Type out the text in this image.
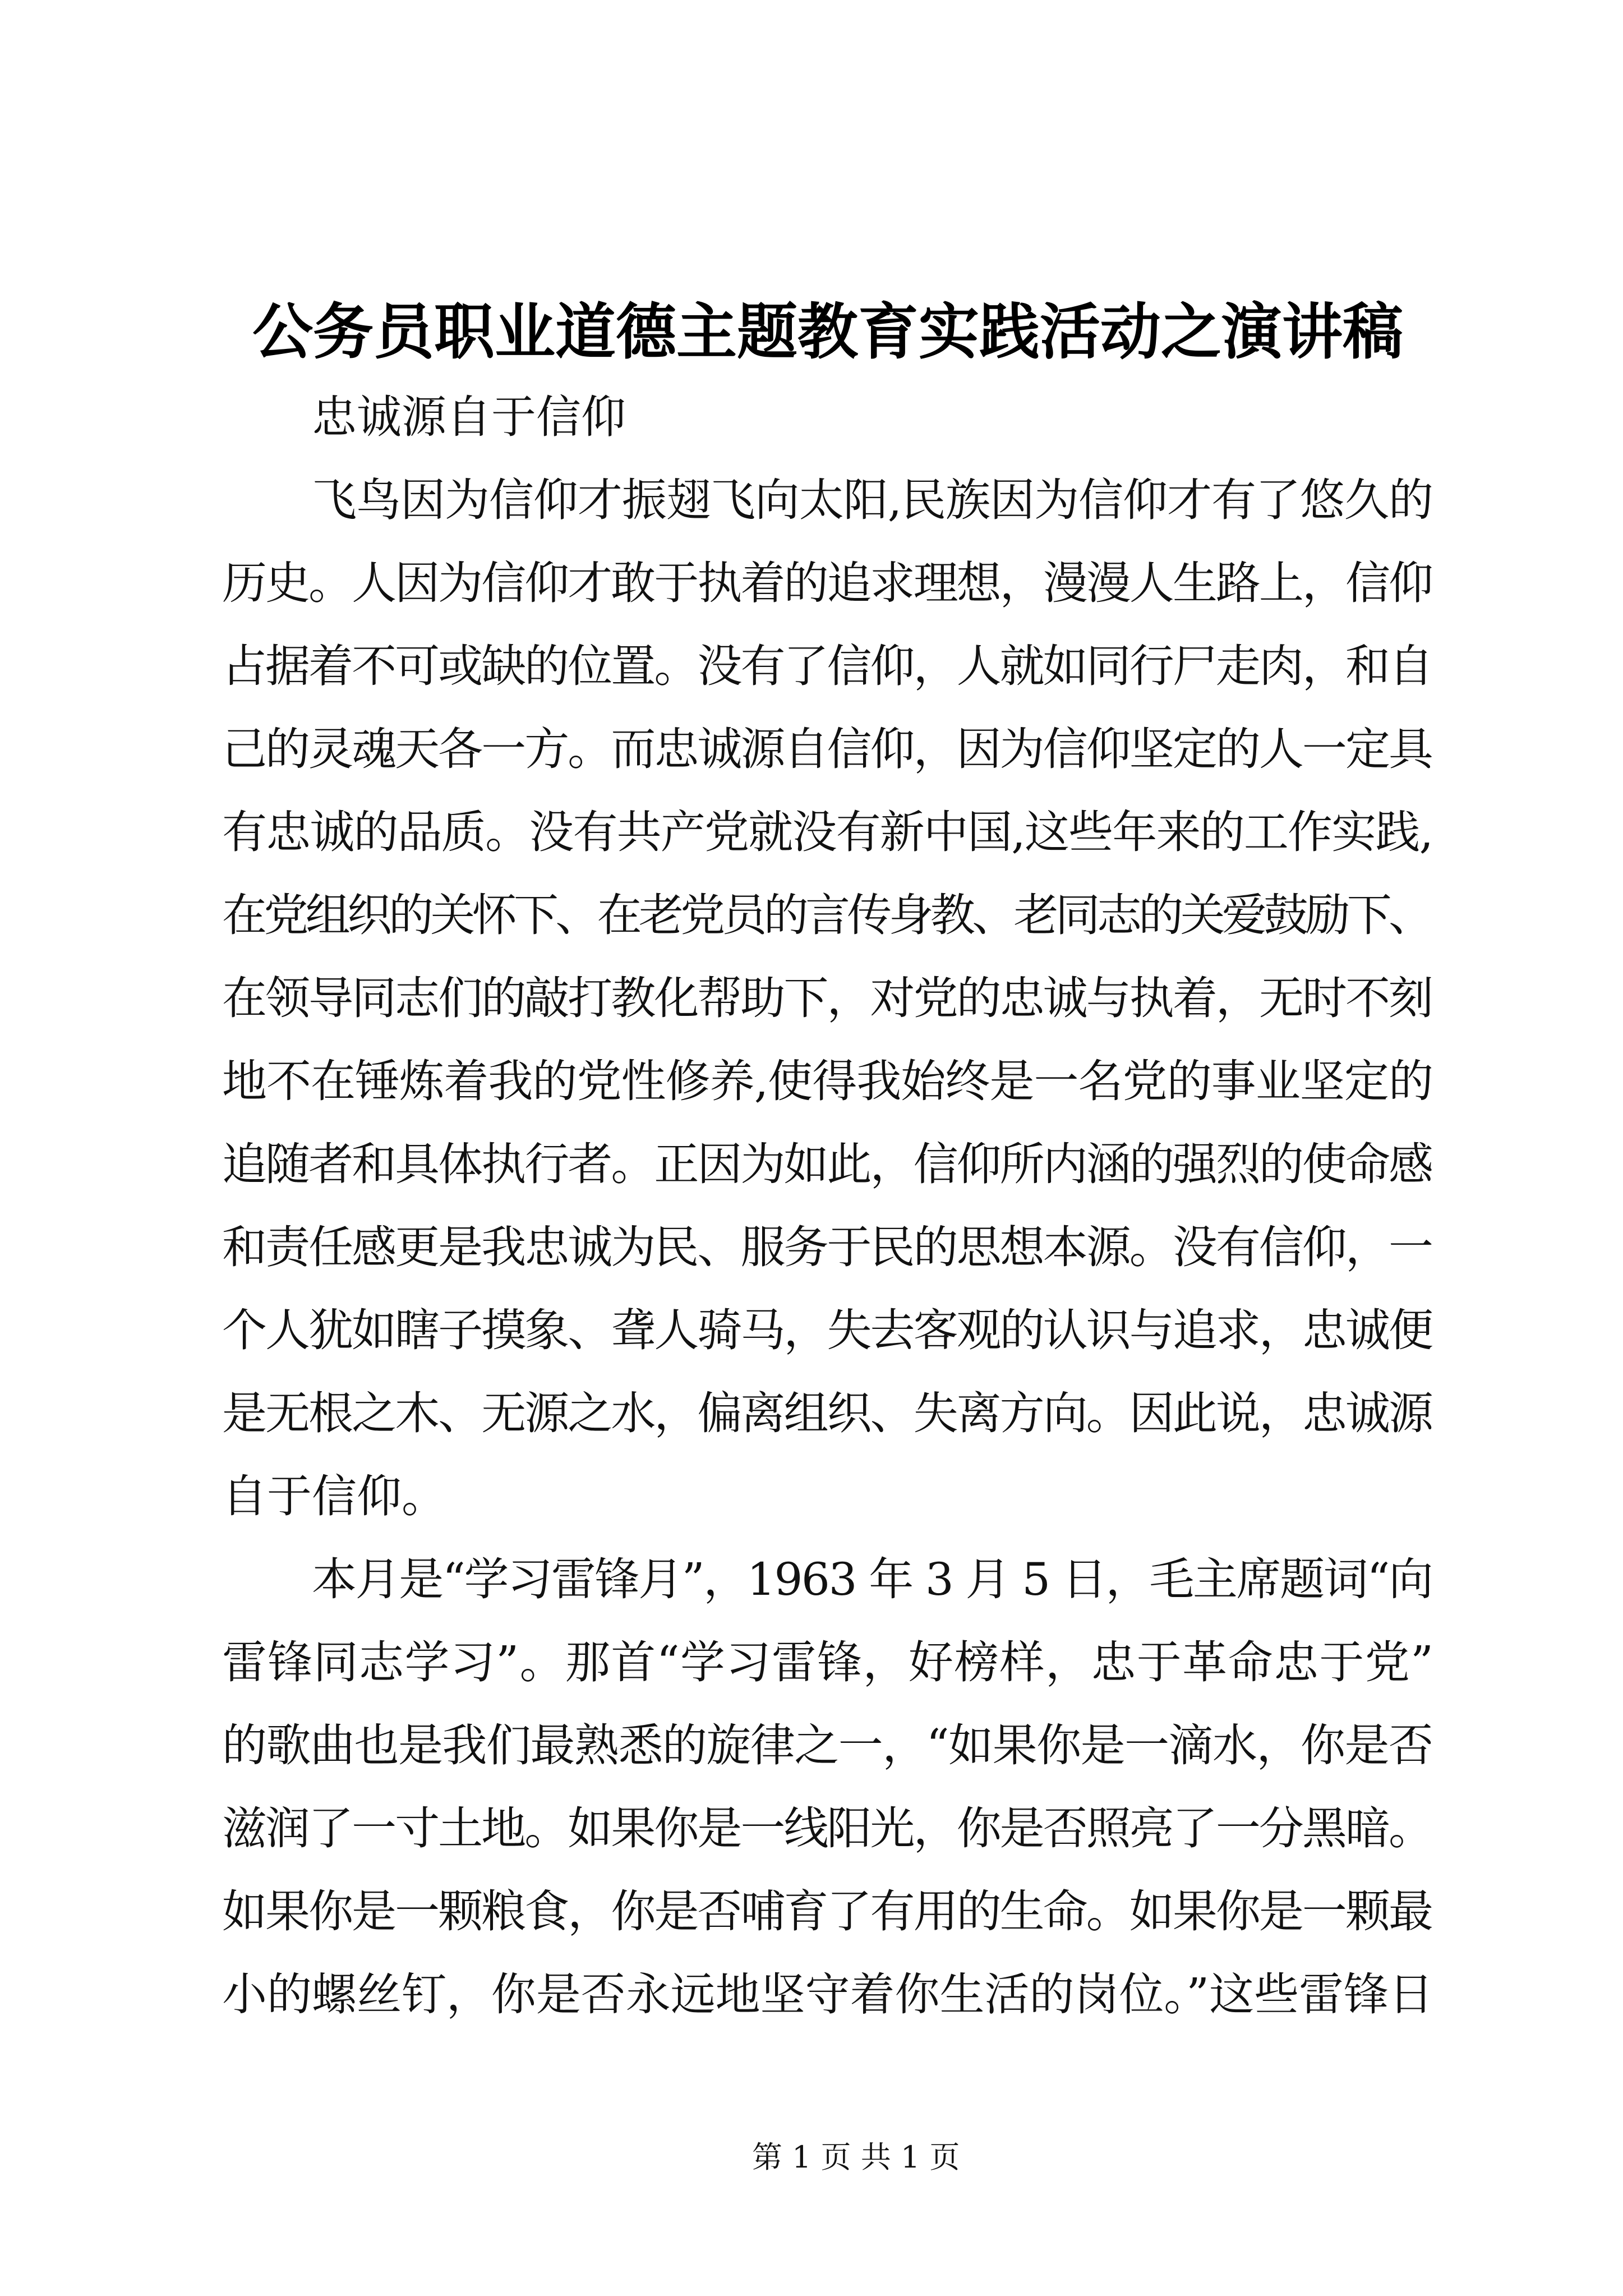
公务员职业道德主题教育实践活动之演讲稿
忠诚源自于信仰
飞鸟因为信仰才振翅飞向太阳,民族因为信仰才有了悠久的
历史。人因为信仰才敢于执着的追求理想，漫漫人生路上，信仰
占据着不可或缺的位置。没有了信仰，人就如同行尸走肉，和自
己的灵魂天各一方。而忠诚源自信仰，因为信仰坚定的人一定具
有忠诚的品质。没有共产党就没有新中国,这些年来的工作实践,
在党组织的关怀下、在老党员的言传身教、老同志的关爱鼓励下、
在领导同志们的敲打教化帮助下，对党的忠诚与执着，无时不刻
地不在锤炼着我的党性修养,使得我始终是一名党的事业坚定的
追随者和具体执行者。正因为如此，信仰所内涵的强烈的使命感
和责任感更是我忠诚为民、服务于民的思想本源。没有信仰，一
个人犹如瞎子摸象、聋人骑马，失去客观的认识与追求，忠诚便
是无根之木、无源之水，偏离组织、失离方向。因此说，忠诚源
自于信仰。
本月是“学习雷锋月”，1963 年 3 月 5 日，毛主席题词“向
雷锋同志学习”。那首“学习雷锋，好榜样，忠于革命忠于党”
的歌曲也是我们最熟悉的旋律之一，“如果你是一滴水，你是否
滋润了一寸土地。如果你是一线阳光，你是否照亮了一分黑暗。
如果你是一颗粮食，你是否哺育了有用的生命。如果你是一颗最
小的螺丝钉，你是否永远地坚守着你生活的岗位。”这些雷锋日
第 1 页 共 1 页
